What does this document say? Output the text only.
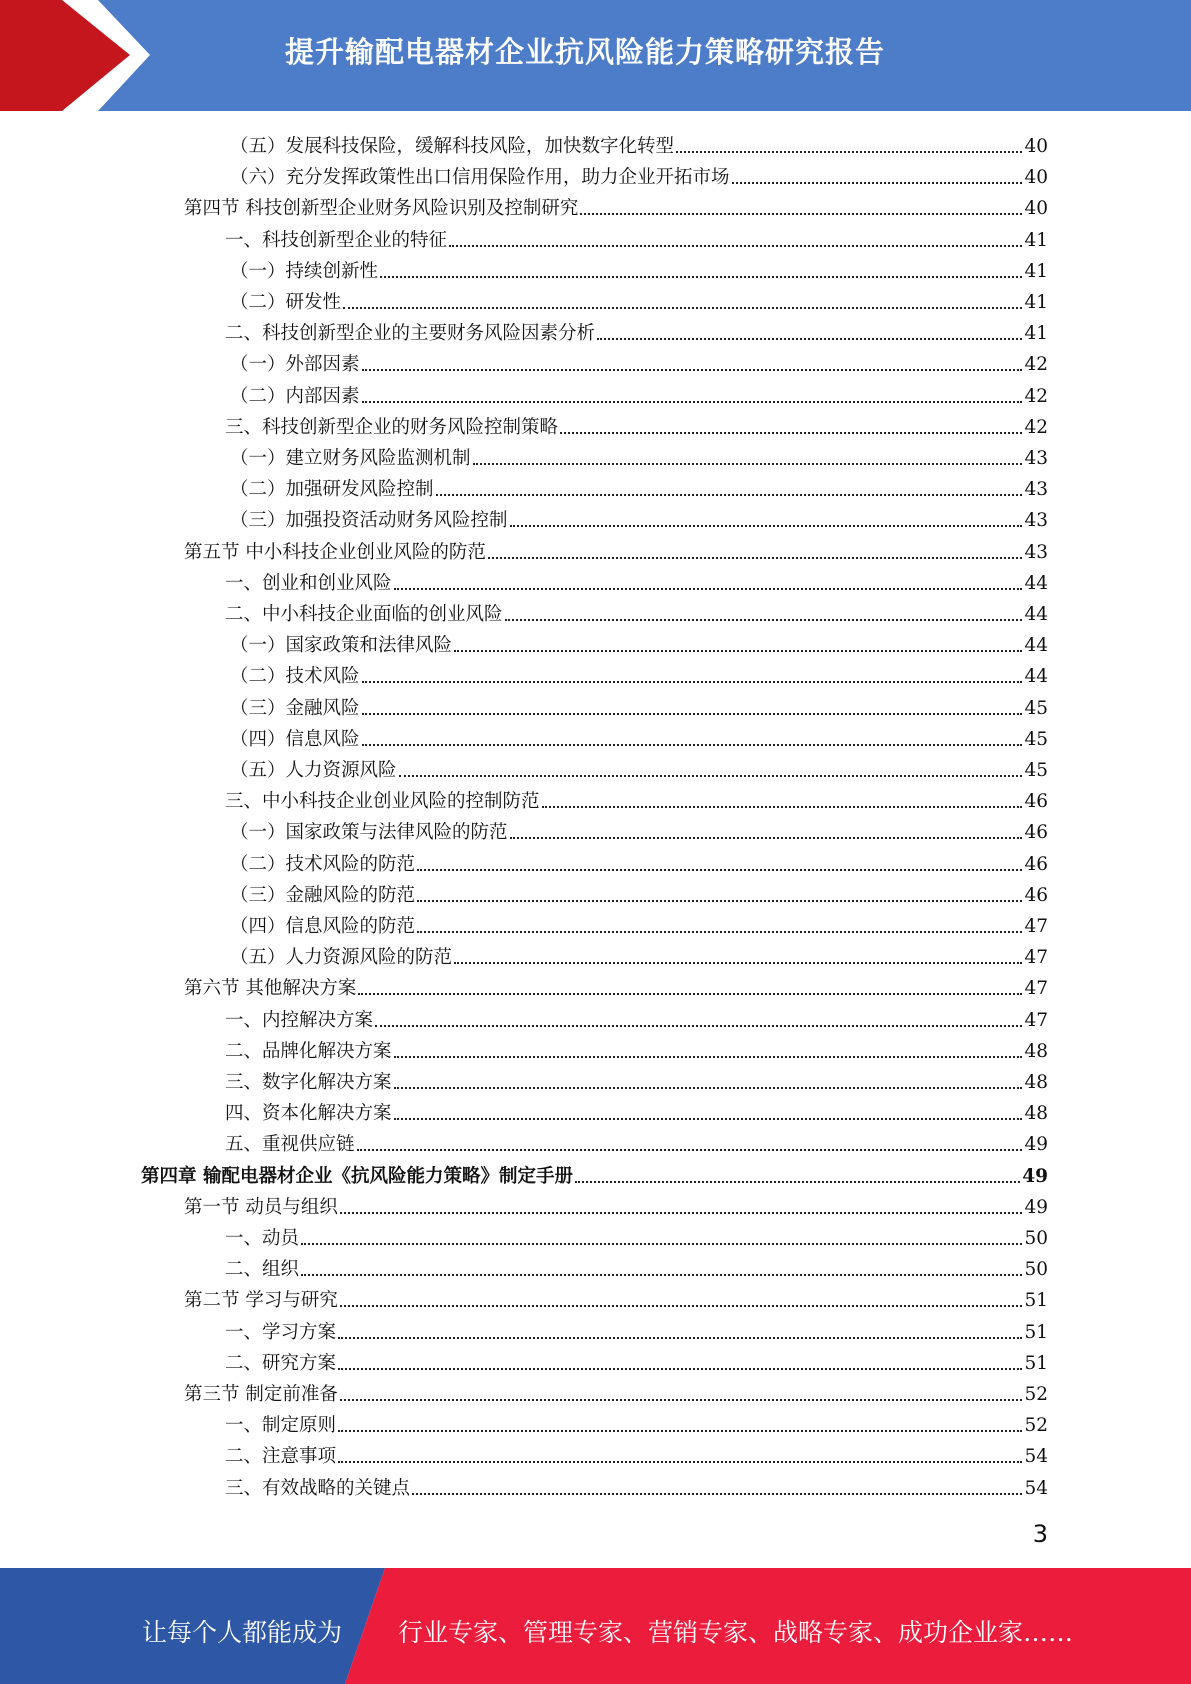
提升输配电器材企业抗风险能力策略研究报告
（五）发展科技保险，缓解科技风险，加快数字化转型	40
（六）充分发挥政策性出口信用保险作用，助力企业开拓市场	40
第四节 科技创新型企业财务风险识别及控制研究	40
一、科技创新型企业的特征	41
（一）持续创新性	41
（二）研发性	41
二、科技创新型企业的主要财务风险因素分析	41
（一）外部因素	42
（二）内部因素	42
三、科技创新型企业的财务风险控制策略	42
（一）建立财务风险监测机制	43
（二）加强研发风险控制	43
（三）加强投资活动财务风险控制	43
第五节 中小科技企业创业风险的防范	43
一、创业和创业风险	44
二、中小科技企业面临的创业风险	44
（一）国家政策和法律风险	44
（二）技术风险	44
（三）金融风险	45
（四）信息风险	45
（五）人力资源风险	45
三、中小科技企业创业风险的控制防范	46
（一）国家政策与法律风险的防范	46
（二）技术风险的防范	46
（三）金融风险的防范	46
（四）信息风险的防范	47
（五）人力资源风险的防范	47
第六节 其他解决方案	47
一、内控解决方案	47
二、品牌化解决方案	48
三、数字化解决方案	48
四、资本化解决方案	48
五、重视供应链	49
第四章 输配电器材企业《抗风险能力策略》制定手册	49
第一节 动员与组织	49
一、动员	50
二、组织	50
第二节 学习与研究	51
一、学习方案	51
二、研究方案	51
第三节 制定前准备	52
一、制定原则	52
二、注意事项	54
三、有效战略的关键点	54
3
让每个人都能成为 行业专家、管理专家、营销专家、战略专家、成功企业家……
